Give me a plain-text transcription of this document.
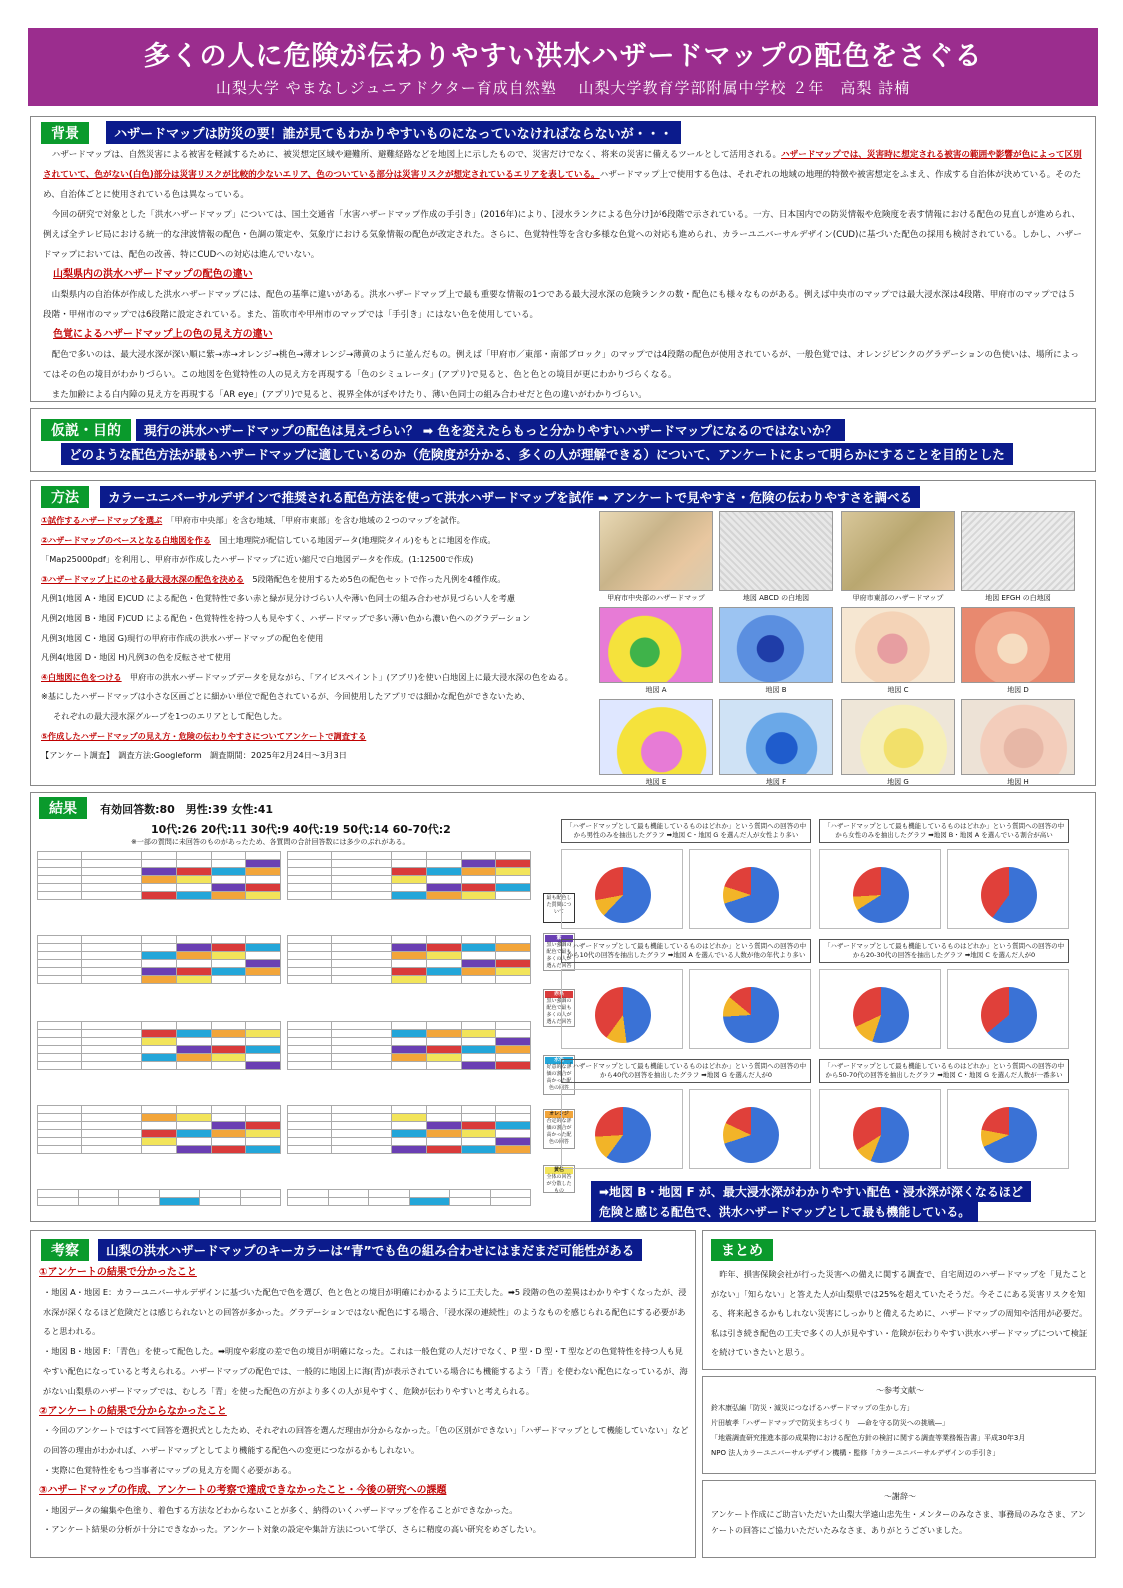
多くの人に危険が伝わりやすい洪水ハザードマップの配色をさぐる
山梨大学 やまなしジュニアドクター育成自然塾　 山梨大学教育学部附属中学校 ２年　高梨 詩楠
背景	ハザードマップは防災の要！誰が見てもわかりやすいものになっていなければならないが・・・

ハザードマップは、自然災害による被害を軽減するために、被災想定区域や避難所、避難経路などを地図上に示したもので、災害だけでなく、将来の災害に備えるツールとして活用される。ハザードマップでは、災害時に想定される被害の範囲や影響が色によって区別されていて、色がない(白色)部分は災害リスクが比較的少ないエリア、色のついている部分は災害リスクが想定されているエリアを表している。ハザードマップ上で使用する色は、それぞれの地域の地理的特徴や被害想定をふまえ、作成する自治体が決めている。そのため、自治体ごとに使用されている色は異なっている。

今回の研究で対象とした「洪水ハザードマップ」については、国土交通省「水害ハザードマップ作成の手引き」(2016年)により、[浸水ランクによる色分け]が6段階で示されている。一方、日本国内での防災情報や危険度を表す情報における配色の見直しが進められ、例えば全テレビ局における統一的な津波情報の配色・色調の策定や、気象庁における気象情報の配色が改定された。さらに、色覚特性等を含む多様な色覚への対応も進められ、カラーユニバーサルデザイン(CUD)に基づいた配色の採用も検討されている。しかし、ハザードマップにおいては、配色の改善、特にCUDへの対応は進んでいない。

山梨県内の洪水ハザードマップの配色の違い

山梨県内の自治体が作成した洪水ハザードマップには、配色の基準に違いがある。洪水ハザードマップ上で最も重要な情報の1つである最大浸水深の危険ランクの数・配色にも様々なものがある。例えば中央市のマップでは最大浸水深は4段階、甲府市のマップでは５段階・甲州市のマップでは6段階に設定されている。また、笛吹市や甲州市のマップでは「手引き」にはない色を使用している。

色覚によるハザードマップ上の色の見え方の違い

配色で多いのは、最大浸水深が深い順に紫→赤→オレンジ→桃色→薄オレンジ→薄黄のように並んだもの。例えば「甲府市／東部・南部ブロック」のマップでは4段階の配色が使用されているが、一般色覚では、オレンジピンクのグラデーションの色使いは、場所によってはその色の境目がわかりづらい。この地図を色覚特性の人の見え方を再現する「色のシミュレータ」(アプリ)で見ると、色と色との境目が更にわかりづらくなる。

また加齢による白内障の見え方を再現する「AR eye」(アプリ)で見ると、視界全体がぼやけたり、薄い色同士の組み合わせだと色の違いがわかりづらい。

仮説・目的 現行の洪水ハザードマップの配色は見えづらい？ ➡ 色を変えたらもっと分かりやすいハザードマップになるのではないか？
どのような配色方法が最もハザードマップに適しているのか（危険度が分かる、多くの人が理解できる）について、アンケートによって明らかにすることを目的とした
方法 カラーユニバーサルデザインで推奨される配色方法を使って洪水ハザードマップを試作 ➡ アンケートで見やすさ・危険の伝わりやすさを調べる

①試作するハザードマップを選ぶ　 「甲府市中央部」を含む地域、「甲府市東部」を含む地域の２つのマップを試作。

②ハザードマップのベースとなる白地図を作る　 国土地理院が配信している地図データ(地理院タイル)をもとに地図を作成。

「Map25000pdf」を利用し、甲府市が作成したハザードマップに近い縮尺で白地図データを作成。(1:12500で作成)

③ハザードマップ上にのせる最大浸水深の配色を決める　 5段階配色を使用するため5色の配色セットで作った凡例を4種作成。

凡例1(地図 A・地図 E)CUD による配色・色覚特性で多い赤と緑が見分けづらい人や薄い色同士の組み合わせが見づらい人を考慮

凡例2(地図 B・地図 F)CUD による配色・色覚特性を持つ人も見やすく、ハザードマップで多い薄い色から濃い色へのグラデーション

凡例3(地図 C・地図 G)現行の甲府市作成の洪水ハザードマップの配色を使用

凡例4(地図 D・地図 H)凡例3の色を反転させて使用

④白地図に色をつける　 甲府市の洪水ハザードマップデータを見ながら、「アイビスペイント」(アプリ)を使い白地図上に最大浸水深の色をぬる。

※基にしたハザードマップは小さな区画ごとに細かい単位で配色されているが、今回使用したアプリでは細かな配色ができないため、

それぞれの最大浸水深グループを1つのエリアとして配色した。

⑤作成したハザードマップの見え方・危険の伝わりやすさについてアンケートで調査する

【アンケート調査】　調査方法:Googleform　調査期間：2025年2月24日～3月3日

甲府市中央部のハザードマップ	地図 ABCD の白地図	甲府市東部のハザードマップ	地図 EFGH の白地図
地図 A	地図 B	地図 C	地図 D
地図 E	地図 F	地図 G	地図 H
結果 有効回答数:80　男性:39 女性:41
10代:26 20代:11 30代:9 40代:19 50代:14 60-70代:2
※一部の質問に未回答のものがあったため、各質問の合計回答数には多少のぶれがある。

最も配色した質問について
紫
黒い強調の配色で最も多くの人が選んだ回答
赤系
黒い強調の配色で最も多くの人が選んだ回答
水色
好意的な評価の割合が高かった配色の回答
オレンジ
否定的な評価の割合が高かった配色の回答
黄色
全体の回答が分散したもの
「ハザードマップとして最も機能しているものはどれか」という質問への回答の中から男性のみを抽出したグラフ ➡地図 C・地図 G を選んだ人が女性より多い
「ハザードマップとして最も機能しているものはどれか」という質問への回答の中から女性のみを抽出したグラフ ➡地図 B・地図 A を選んでいる割合が高い
「ハザードマップとして最も機能しているものはどれか」という質問への回答の中から10代の回答を抽出したグラフ ➡地図 A を選んでいる人数が他の年代より多い
「ハザードマップとして最も機能しているものはどれか」という質問への回答の中から20-30代の回答を抽出したグラフ ➡地図 C を選んだ人が0
「ハザードマップとして最も機能しているものはどれか」という質問への回答の中から40代の回答を抽出したグラフ ➡地図 G を選んだ人が0
「ハザードマップとして最も機能しているものはどれか」という質問への回答の中から50-70代の回答を抽出したグラフ ➡地図 C・地図 G を選んだ人数が一番多い
➡地図 B・地図 F が、最大浸水深がわかりやすい配色・浸水深が深くなるほど
危険と感じる配色で、洪水ハザードマップとして最も機能している。
考察 山梨の洪水ハザードマップのキーカラーは“青”でも色の組み合わせにはまだまだ可能性がある

①アンケートの結果で分かったこと

・地図 A・地図 E：カラーユニバーサルデザインに基づいた配色で色を選び、色と色との境目が明確にわかるように工夫した。➡5 段階の色の差異はわかりやすくなったが、浸水深が深くなるほど危険だとは感じられないとの回答が多かった。グラデーションではない配色にする場合、「浸水深の連続性」のようなものを感じられる配色にする必要があると思われる。

・地図 B・地図 F：「青色」を使って配色した。➡明度や彩度の差で色の境目が明確になった。これは一般色覚の人だけでなく、P 型・D 型・T 型などの色覚特性を持つ人も見やすい配色になっていると考えられる。ハザードマップの配色では、一般的に地図上に海(青)が表示されている場合にも機能するよう「青」を使わない配色になっているが、海がない山梨県のハザードマップでは、むしろ「青」を使った配色の方がより多くの人が見やすく、危険が伝わりやすいと考えられる。

②アンケートの結果で分からなかったこと

・今回のアンケートではすべて回答を選択式としたため、それぞれの回答を選んだ理由が分からなかった。「色の区別ができない」「ハザードマップとして機能していない」などの回答の理由がわかれば、ハザードマップとしてより機能する配色への変更につながるかもしれない。

・実際に色覚特性をもつ当事者にマップの見え方を聞く必要がある。

③ハザードマップの作成、アンケートの考察で達成できなかったこと・今後の研究への課題

・地図データの編集や色塗り、着色する方法などわからないことが多く、納得のいくハザードマップを作ることができなかった。

・アンケート結果の分析が十分にできなかった。アンケート対象の設定や集計方法について学び、さらに精度の高い研究をめざしたい。

まとめ
昨年、損害保険会社が行った災害への備えに関する調査で、自宅周辺のハザードマップを「見たことがない」「知らない」と答えた人が山梨県では25%を超えていたそうだ。今そこにある災害リスクを知る、将来起きるかもしれない災害にしっかりと備えるために、ハザードマップの周知や活用が必要だ。私は引き続き配色の工夫で多くの人が見やすい・危険が伝わりやすい洪水ハザードマップについて検証を続けていきたいと思う。
～参考文献～

鈴木康弘編「防災・減災につなげるハザードマップの生かし方」

片田敏孝「ハザードマップで防災まちづくり　―命を守る防災への挑戦―」

「地震調査研究推進本部の成果物における配色方針の検討に関する調査等業務報告書」平成30年3月

NPO 法人カラーユニバーサルデザイン機構・監修「カラーユニバーサルデザインの手引き」

～謝辞～
アンケート作成にご助言いただいた山梨大学遠山忠先生・メンターのみなさま、事務局のみなさま、アンケートの回答にご協力いただいたみなさま、ありがとうございました。
